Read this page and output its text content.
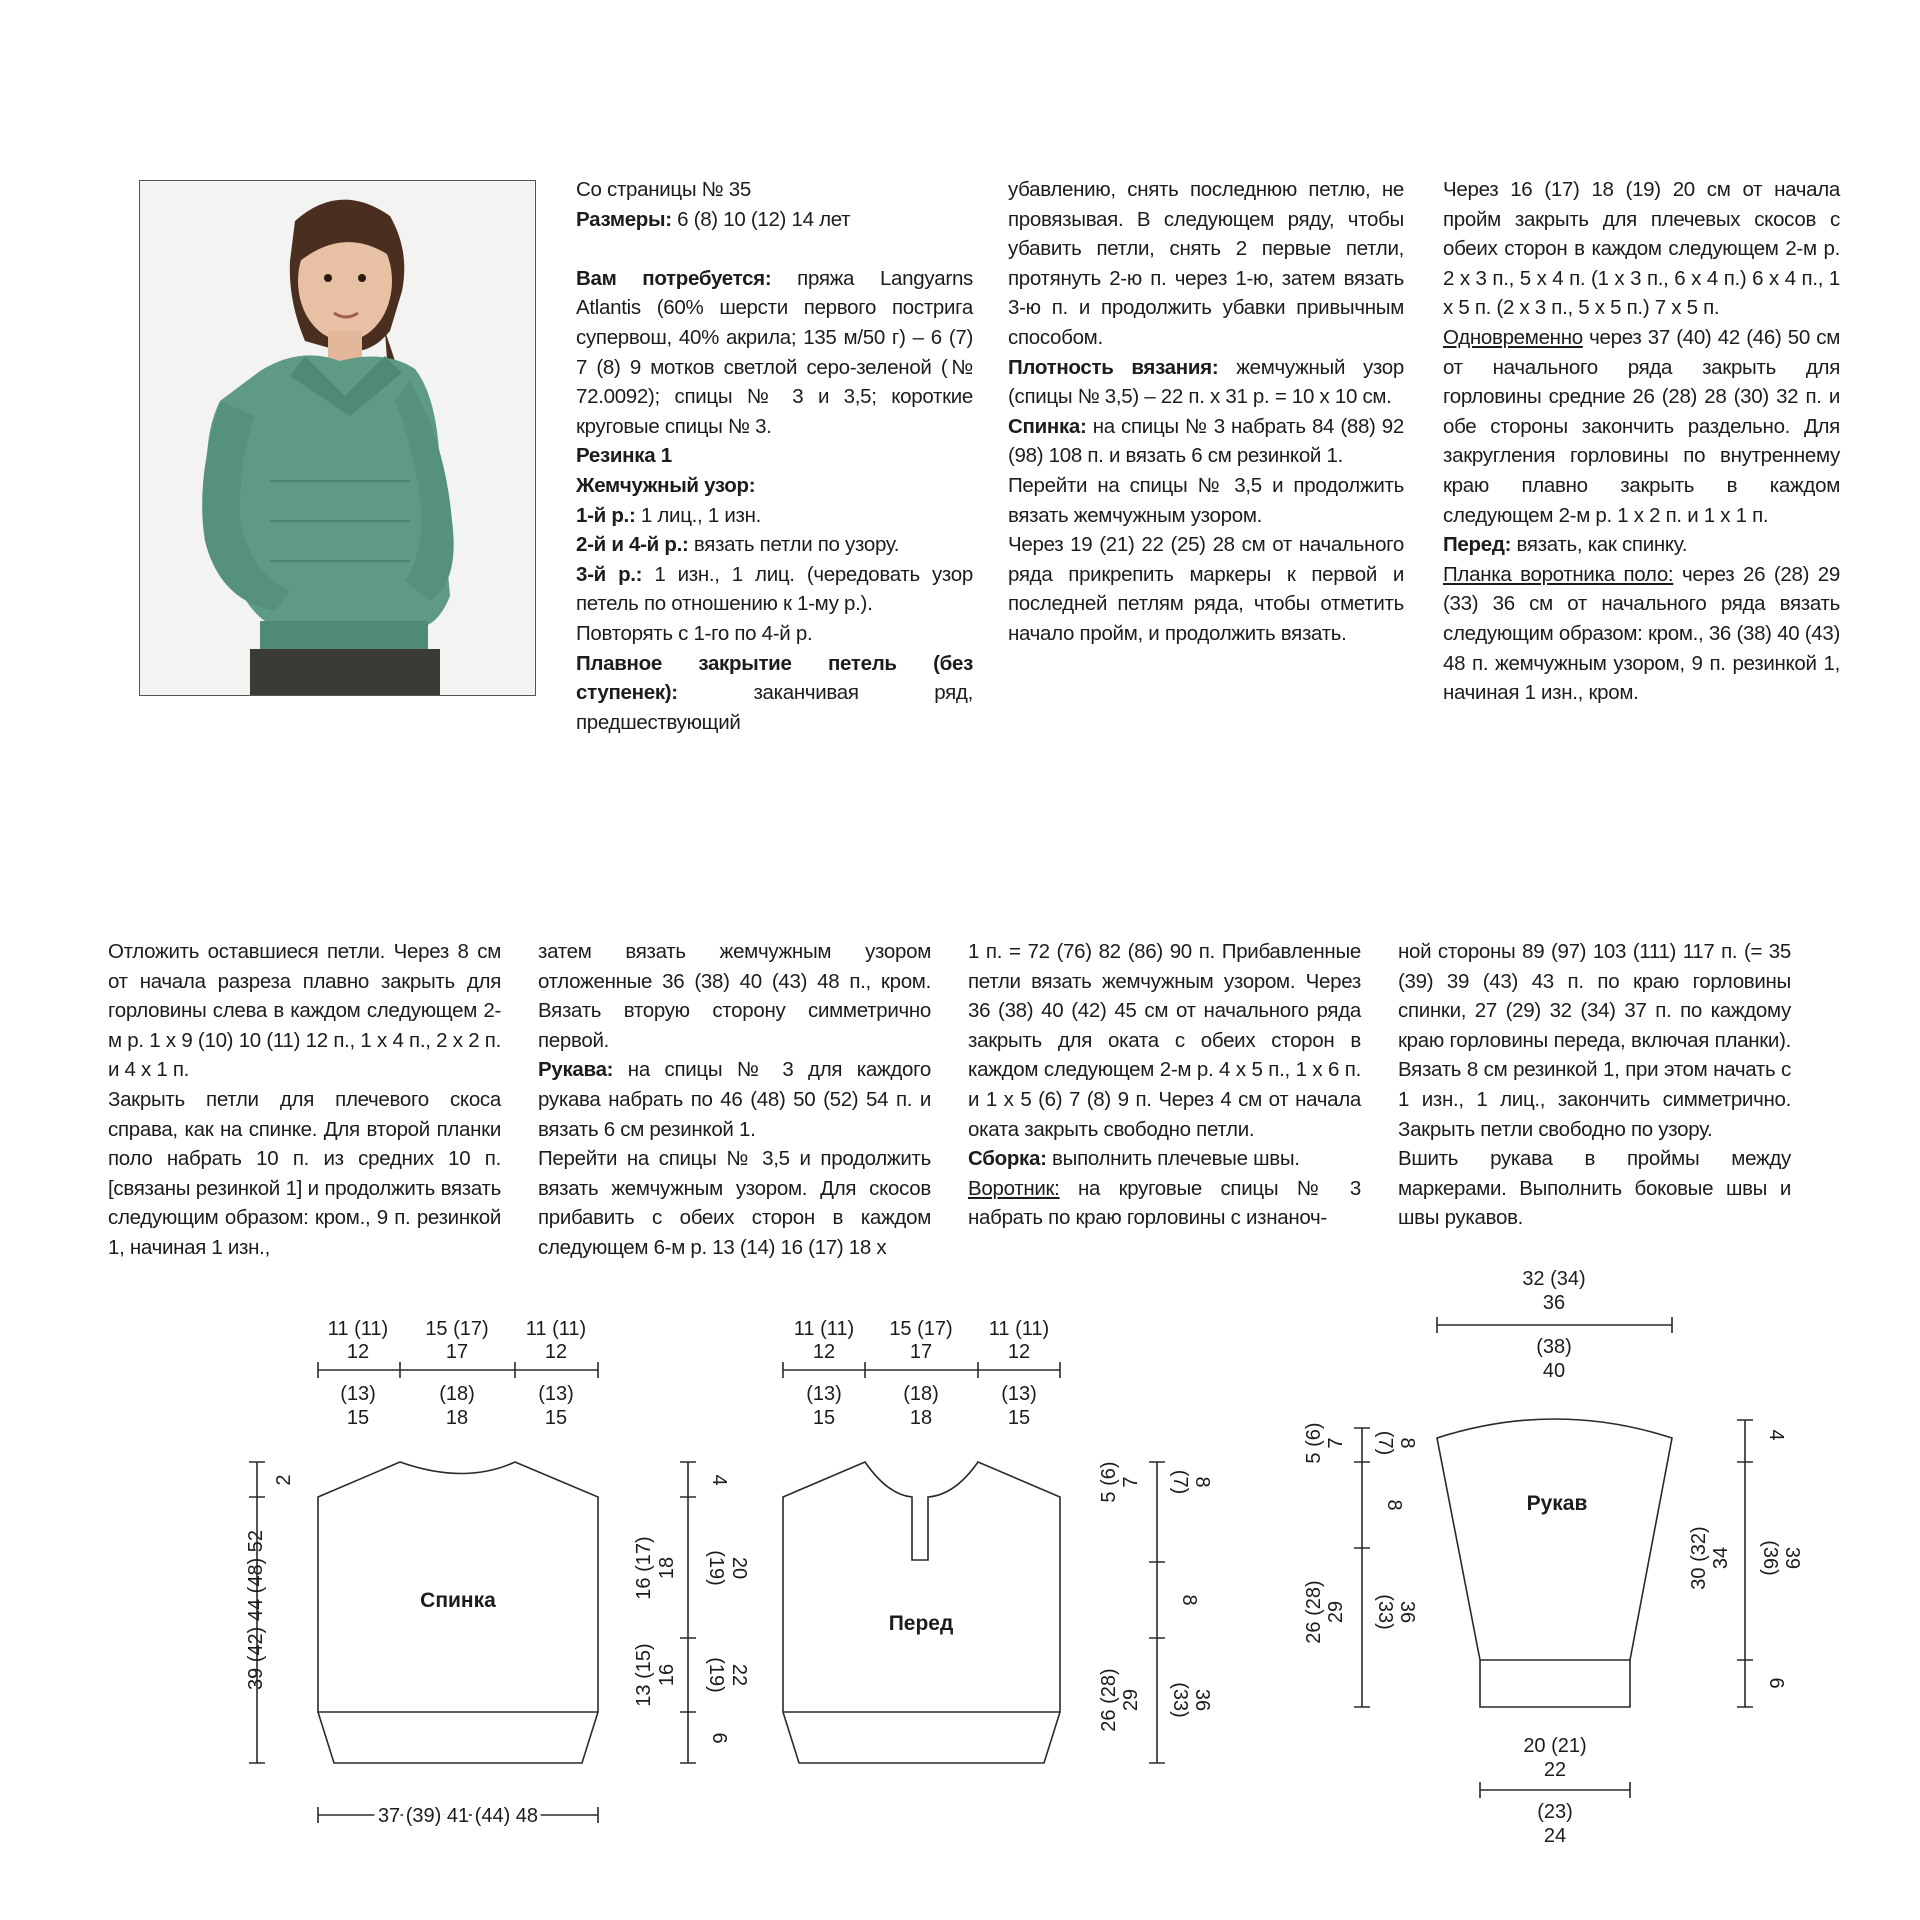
Со страницы № 35

Размеры: 6 (8) 10 (12) 14 лет

Вам потребуется: пряжа Langyarns Atlantis (60% шерсти первого пострига супервош, 40% акрила; 135 м/50 г) – 6 (7) 7 (8) 9 мотков светлой серо-зеленой (№ 72.0092); спицы № 3 и 3,5; короткие круговые спицы № 3.

Резинка 1

Жемчужный узор:

1-й р.: 1 лиц., 1 изн.

2-й и 4-й р.: вязать петли по узору.

3-й р.: 1 изн., 1 лиц. (чередовать узор петель по отношению к 1-му р.).

Повторять с 1-го по 4-й р.

Плавное закрытие петель (без ступенек):	заканчивая ряд, предшествующий

убавлению, снять последнюю петлю, не провязывая. В следующем ряду, чтобы убавить петли, снять 2 первые петли, протянуть 2-ю п. через 1-ю, затем вязать 3-ю п. и продолжить убавки привычным способом.

Плотность вязания: жемчужный узор (спицы № 3,5) – 22 п. x 31 р. = 10 x 10 см.

Спинка: на спицы № 3 набрать 84 (88) 92 (98) 108 п. и вязать 6 см резинкой 1.

Перейти на спицы № 3,5 и продолжить вязать жемчужным узором.

Через 19 (21) 22 (25) 28 см от начального ряда прикрепить маркеры к первой и последней петлям ряда, чтобы отметить начало пройм, и продолжить вязать.

Через 16 (17) 18 (19) 20 см от начала пройм закрыть для плечевых скосов с обеих сторон в каждом следующем 2-м р. 2 x 3 п., 5 x 4 п. (1 x 3 п., 6 x 4 п.) 6 x 4 п., 1 x 5 п. (2 x 3 п., 5 x 5 п.) 7 x 5 п.

Одновременно через 37 (40) 42 (46) 50 см от начального ряда закрыть для горловины средние 26 (28) 28 (30) 32 п. и обе стороны закончить раздельно. Для закругления горловины по внутреннему краю плавно закрыть в каждом следующем 2-м р. 1 x 2 п. и 1 x 1 п.

Перед: вязать, как спинку.

Планка воротника поло: через 26 (28) 29 (33) 36 см от начального ряда вязать следующим образом: кром., 36 (38) 40 (43) 48 п. жемчужным узором, 9 п. резинкой 1, начиная 1 изн., кром.

Отложить оставшиеся петли. Через 8 см от начала разреза плавно закрыть для горловины слева в каждом следующем 2-м р. 1 x 9 (10) 10 (11) 12 п., 1 x 4 п., 2 x 2 п. и 4 x 1 п.

Закрыть петли для плечевого скоса справа, как на спинке. Для второй планки поло набрать 10 п. из средних 10 п. [связаны резинкой 1] и продолжить вязать следующим образом: кром., 9 п. резинкой 1, начиная 1 изн.,

затем вязать жемчужным узором отложенные 36 (38) 40 (43) 48 п., кром. Вязать вторую сторону симметрично первой.

Рукава: на спицы № 3 для каждого рукава набрать по 46 (48) 50 (52) 54 п. и вязать 6 см резинкой 1.

Перейти на спицы № 3,5 и продолжить вязать жемчужным узором. Для скосов прибавить с обеих сторон в каждом следующем 6-м р. 13 (14) 16 (17) 18 x

1 п. = 72 (76) 82 (86) 90 п. Прибавленные петли вязать жемчужным узором. Через 36 (38) 40 (42) 45 см от начального ряда закрыть для оката с обеих сторон в каждом следующем 2-м р. 4 x 5 п., 1 x 6 п. и 1 x 5 (6) 7 (8) 9 п. Через 4 см от начала оката закрыть свободно петли.

Сборка: выполнить плечевые швы.

Воротник: на круговые спицы № 3 набрать по краю горловины с изнаноч-

ной стороны 89 (97) 103 (111) 117 п. (= 35 (39) 39 (43) 43 п. по краю горловины спинки, 27 (29) 32 (34) 37 п. по каждому краю горловины переда, включая планки). Вязать 8 см резинкой 1, при этом начать с 1 изн., 1 лиц., закончить симметрично. Закрыть петли свободно по узору.

Вшить рукава в проймы между маркерами. Выполнить боковые швы и швы рукавов.

Спинка
11 (11)
12
15 (17)
17
11 (11)
12
(13)
15
(18)
18
(13)
15
2
39 (42) 44 (48) 52
37 (39) 41 (44) 48
4
16 (17) 18 (19) 20
13 (15) 16 (19) 22
6
Перед
11 (11)
12
15 (17)
17
11 (11)
12
(13)
15
(18)
18
(13)
15
5 (6) 7 (7) 8
8
26 (28) 29 (33) 36
Рукав
32 (34)
36
(38)
40
20 (21)
22
(23)
24
5 (6) 7 (7) 8
8
26 (28) 29 (33) 36
4
30 (32) 34 (36) 39
6
